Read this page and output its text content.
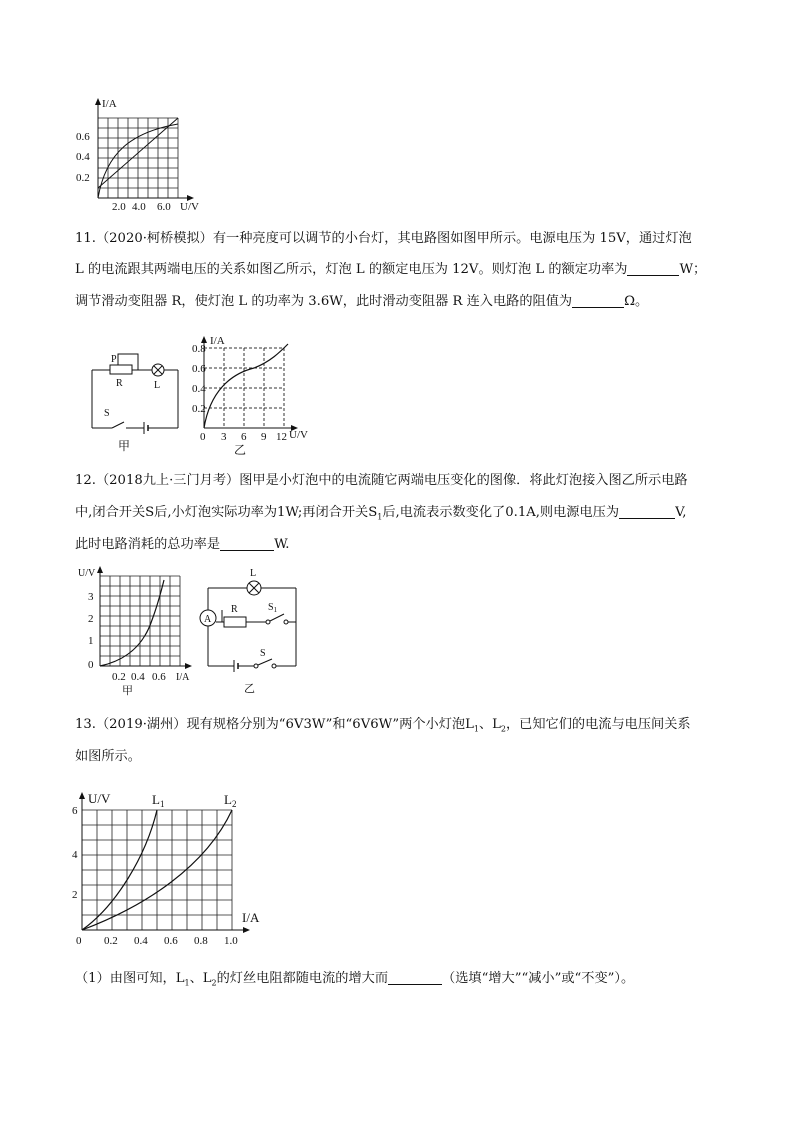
I/A
0.6
0.4
0.2
2.0 4.0 6.0 U/V
11.（2020·柯桥模拟）有一种亮度可以调节的小台灯，其电路图如图甲所示。电源电压为 15V，通过灯泡
L 的电流跟其两端电压的关系如图乙所示，灯泡 L 的额定电压为 12V。则灯泡 L 的额定功率为	W；
调节滑动变阻器 R，使灯泡 L 的功率为 3.6W，此时滑动变阻器 R 连入电路的阻值为	Ω。
P
R	L
S
甲
I/A
0.8
0.6
0.4
0.2
0 3 6 9 12 U/V
乙
12.（2018九上·三门月考）图甲是小灯泡中的电流随它两端电压变化的图像．将此灯泡接入图乙所示电路
中,闭合开关S后,小灯泡实际功率为1W;再闭合开关$S_1$后,电流表示数变化了0.1A,则电源电压为	V,
此时电路消耗的总功率是	W.
U/V
3
2
1
0
0.2 0.4 0.6 I/A
甲
L
R	$S_1$
A
S
乙
13.（2019·湖州）现有规格分别为“6V3W”和“6V6W”两个小灯泡$L_1$、$L_2$，已知它们的电流与电压间关系
如图所示。
U/V	$L_1$	$L_2$
6
4
2
0 0.2 0.4 0.6 0.8 1.0
I/A
（1）由图可知，$L_1$、$L_2$的灯丝电阻都随电流的增大而	（选填“增大”“减小”或“不变”）。
